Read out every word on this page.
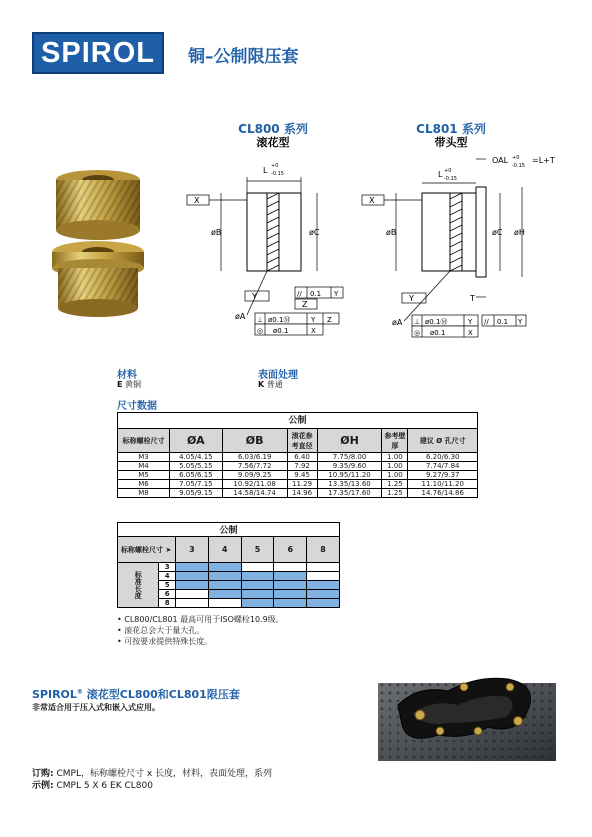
SPIROL	铜–公制限压套
CL800 系列
滚花型
CL801 系列
带头型
L +0
-0.15
X
øB	øC
Y	// 0.1 Y
Z
øA ⊥ ø0.1Ⓜ	Y Z
◎ ø0.1	X
L +0
-0.15
OAL +0
-0.15
=L+T
X
øB	øC øH
T
Y
øA ⊥ ø0.1Ⓜ	Y
◎ ø0.1	X
// 0.1 Y
材料
E 黄铜
表面处理
K 普通
尺寸数据
公制						
标称螺栓尺寸	ØA	ØB	滚花参考直径	ØH	参考壁厚	建议 Ø 孔尺寸
M3	4.05/4.15	6.03/6.19	6.40	7.75/8.00	1.00	6.20/6.30
M4	5.05/5.15	7.56/7.72	7.92	9.35/9.60	1.00	7.74/7.84
M5	6.05/6.15	9.09/9.25	9.45	10.95/11.20	1.00	9.27/9.37
M6	7.05/7.15	10.92/11.08	11.29	13.35/13.60	1.25	11.10/11.20
M8	9.05/9.15	14.58/14.74	14.96	17.35/17.60	1.25	14.76/14.86
公制						
标称螺栓尺寸 ➤		3	4	5	6	8
标准长度	3					
	4					
	5					
	6					
	8					
• CL800/CL801 最高可用于ISO螺栓10.9级。
• 滚花总会大于量大孔。
• 可按要求提供特殊长度。
SPIROL® 滚花型CL800和CL801限压套
非常适合用于压入式和嵌入式应用。
订购: CMPL，标称螺栓尺寸 x 长度，材料，表面处理，系列
示例: CMPL 5 X 6 EK CL800
